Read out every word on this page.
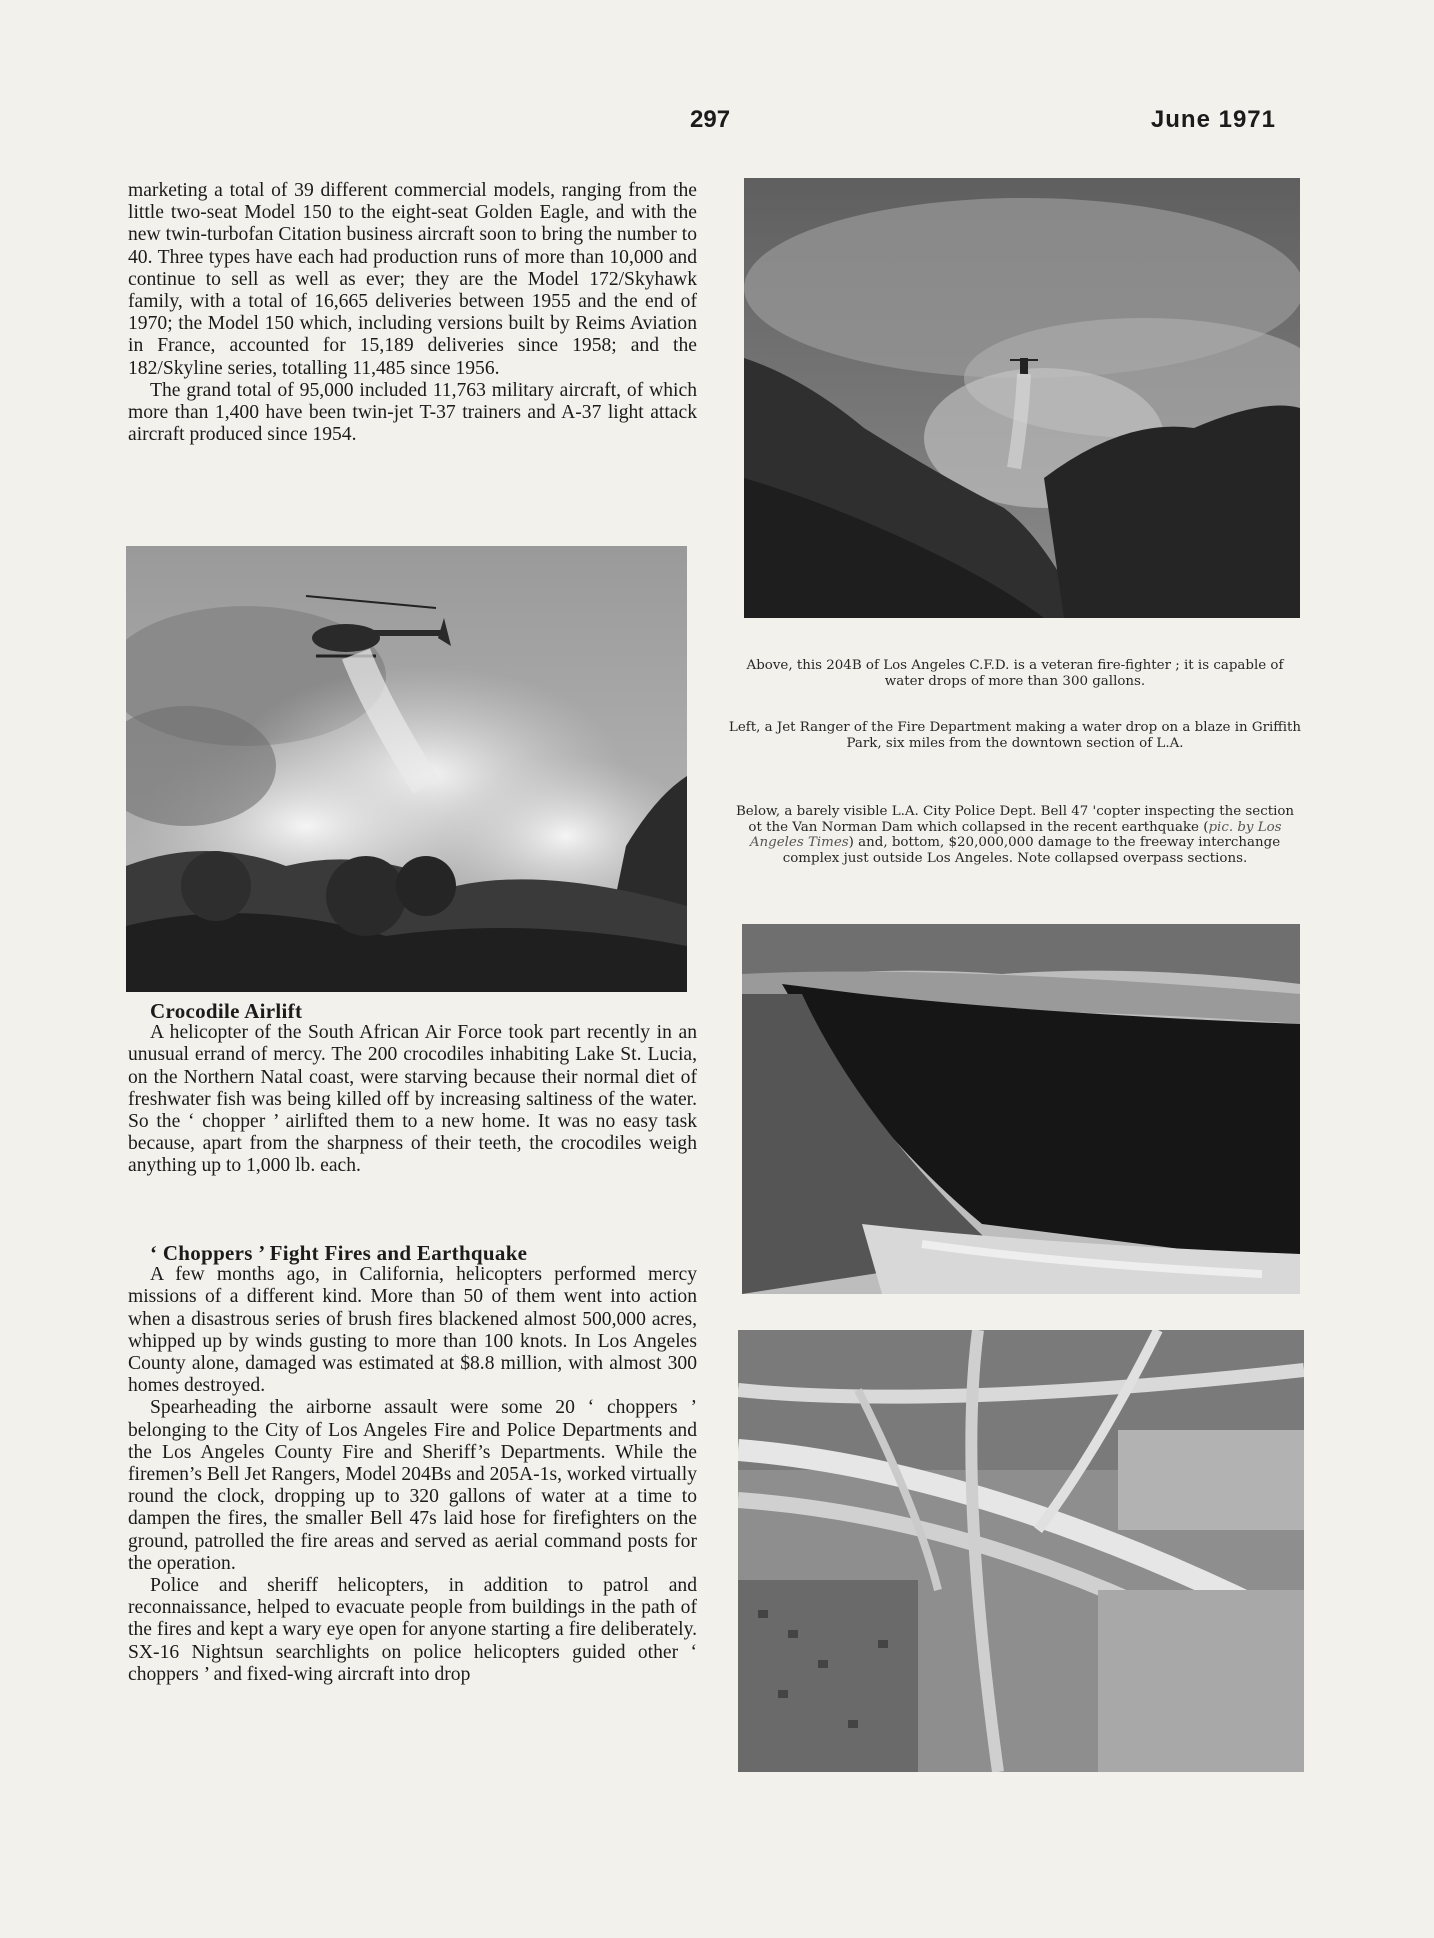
297	June 1971

marketing a total of 39 different commercial models, ranging from the little two-seat Model 150 to the eight-seat Golden Eagle, and with the new twin-turbofan Citation business aircraft soon to bring the number to 40. Three types have each had production runs of more than 10,000 and continue to sell as well as ever; they are the Model 172/Skyhawk family, with a total of 16,665 deliveries between 1955 and the end of 1970; the Model 150 which, including versions built by Reims Aviation in France, accounted for 15,189 deliveries since 1958; and the 182/Skyline series, totalling 11,485 since 1956.

The grand total of 95,000 included 11,763 military aircraft, of which more than 1,400 have been twin-jet T-37 trainers and A-37 light attack aircraft produced since 1954.

Crocodile Airlift

A helicopter of the South African Air Force took part recently in an unusual errand of mercy. The 200 crocodiles inhabiting Lake St. Lucia, on the Northern Natal coast, were starving because their normal diet of freshwater fish was being killed off by increasing saltiness of the water. So the ‘ chopper ’ airlifted them to a new home. It was no easy task because, apart from the sharpness of their teeth, the crocodiles weigh anything up to 1,000 lb. each.

‘ Choppers ’ Fight Fires and Earthquake

A few months ago, in California, helicopters performed mercy missions of a different kind. More than 50 of them went into action when a disastrous series of brush fires blackened almost 500,000 acres, whipped up by winds gusting to more than 100 knots. In Los Angeles County alone, damaged was estimated at $8.8 million, with almost 300 homes destroyed.

Spearheading the airborne assault were some 20 ‘ choppers ’ belonging to the City of Los Angeles Fire and Police Departments and the Los Angeles County Fire and Sheriff’s Departments. While the firemen’s Bell Jet Rangers, Model 204Bs and 205A-1s, worked virtually round the clock, dropping up to 320 gallons of water at a time to dampen the fires, the smaller Bell 47s laid hose for firefighters on the ground, patrolled the fire areas and served as aerial command posts for the operation.

Police and sheriff helicopters, in addition to patrol and reconnaissance, helped to evacuate people from buildings in the path of the fires and kept a wary eye open for anyone starting a fire deliberately. SX-16 Nightsun searchlights on police helicopters guided other ‘ choppers ’ and fixed-wing aircraft into drop

Above, this 204B of Los Angeles C.F.D. is a veteran fire-fighter ; it is capable of water drops of more than 300 gallons.

Left, a Jet Ranger of the Fire Department making a water drop on a blaze in Griffith Park, six miles from the downtown section of L.A.

Below, a barely visible L.A. City Police Dept. Bell 47 'copter inspecting the section ot the Van Norman Dam which collapsed in the recent earthquake (pic. by Los Angeles Times) and, bottom, $20,000,000 damage to the freeway interchange complex just outside Los Angeles. Note collapsed overpass sections.
